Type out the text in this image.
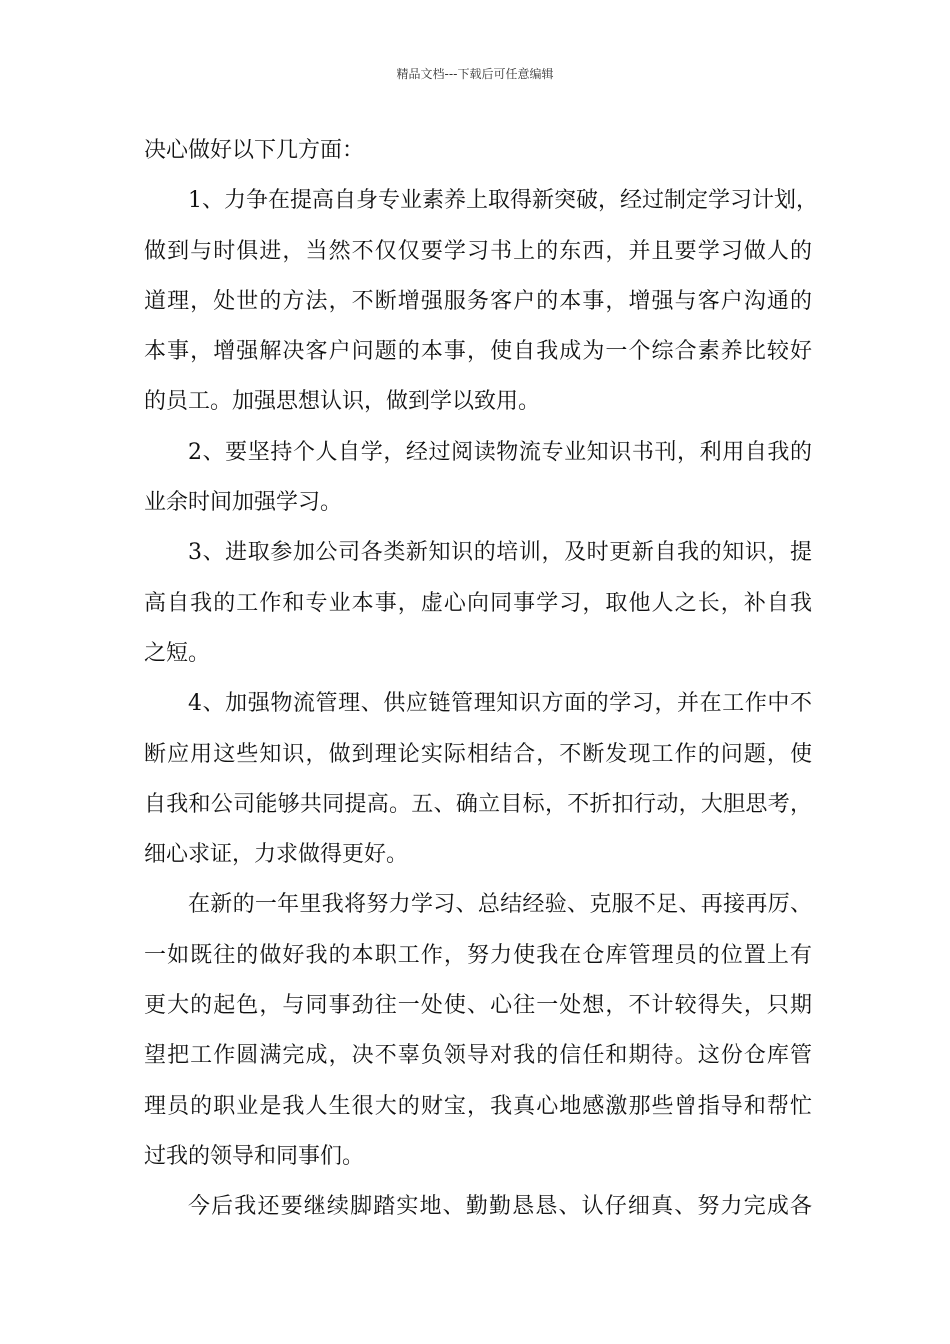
精品文档---下载后可任意编辑
决心做好以下几方面：
1、力争在提高自身专业素养上取得新突破，经过制定学习计划，
做到与时俱进，当然不仅仅要学习书上的东西，并且要学习做人的
道理，处世的方法，不断增强服务客户的本事，增强与客户沟通的
本事，增强解决客户问题的本事，使自我成为一个综合素养比较好
的员工。加强思想认识，做到学以致用。
2、要坚持个人自学，经过阅读物流专业知识书刊，利用自我的
业余时间加强学习。
3、进取参加公司各类新知识的培训，及时更新自我的知识，提
高自我的工作和专业本事，虚心向同事学习，取他人之长，补自我
之短。
4、加强物流管理、供应链管理知识方面的学习，并在工作中不
断应用这些知识，做到理论实际相结合，不断发现工作的问题，使
自我和公司能够共同提高。五、确立目标，不折扣行动，大胆思考，
细心求证，力求做得更好。
在新的一年里我将努力学习、总结经验、克服不足、再接再厉、
一如既往的做好我的本职工作，努力使我在仓库管理员的位置上有
更大的起色，与同事劲往一处使、心往一处想，不计较得失，只期
望把工作圆满完成，决不辜负领导对我的信任和期待。这份仓库管
理员的职业是我人生很大的财宝，我真心地感激那些曾指导和帮忙
过我的领导和同事们。
今后我还要继续脚踏实地、勤勤恳恳、认仔细真、努力完成各
